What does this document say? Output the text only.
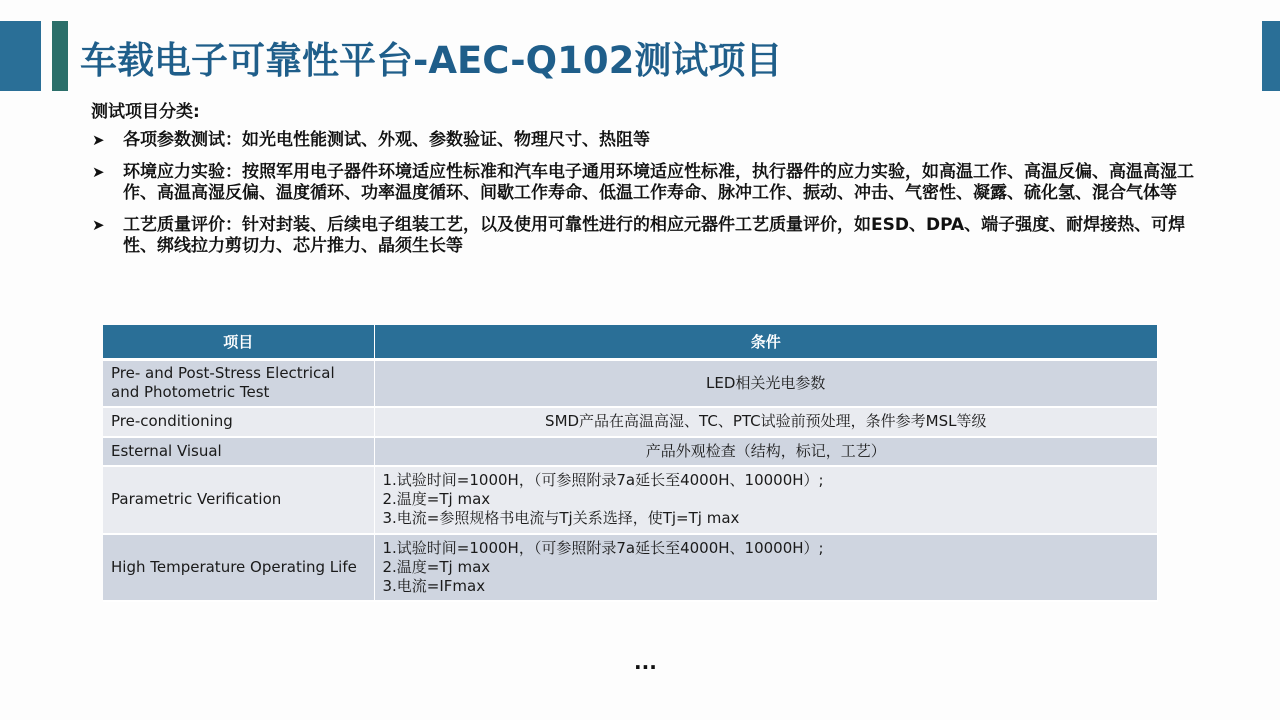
车载电子可靠性平台-AEC-Q102测试项目

测试项目分类:

➤	各项参数测试：如光电性能测试、外观、参数验证、物理尺寸、热阻等
➤	环境应力实验：按照军用电子器件环境适应性标准和汽车电子通用环境适应性标准，执行器件的应力实验，如高温工作、高温反偏、高温高湿工作、高温高湿反偏、温度循环、功率温度循环、间歇工作寿命、低温工作寿命、脉冲工作、振动、冲击、气密性、凝露、硫化氢、混合气体等
➤	工艺质量评价：针对封装、后续电子组装工艺，以及使用可靠性进行的相应元器件工艺质量评价，如ESD、DPA、端子强度、耐焊接热、可焊性、绑线拉力剪切力、芯片推力、晶须生长等
项目	条件
Pre- and Post-Stress Electrical and Photometric Test	LED相关光电参数

Pre-conditioning	SMD产品在高温高湿、TC、PTC试验前预处理，条件参考MSL等级

Esternal Visual	产品外观检查（结构，标记，工艺）

Parametric Verification	1.试验时间=1000H，（可参照附录7a延长至4000H、10000H）;
2.温度=Tj max
3.电流=参照规格书电流与Tj关系选择，使Tj=Tj max

High Temperature Operating Life	1.试验时间=1000H，（可参照附录7a延长至4000H、10000H）;
2.温度=Tj max
3.电流=IFmax
...
